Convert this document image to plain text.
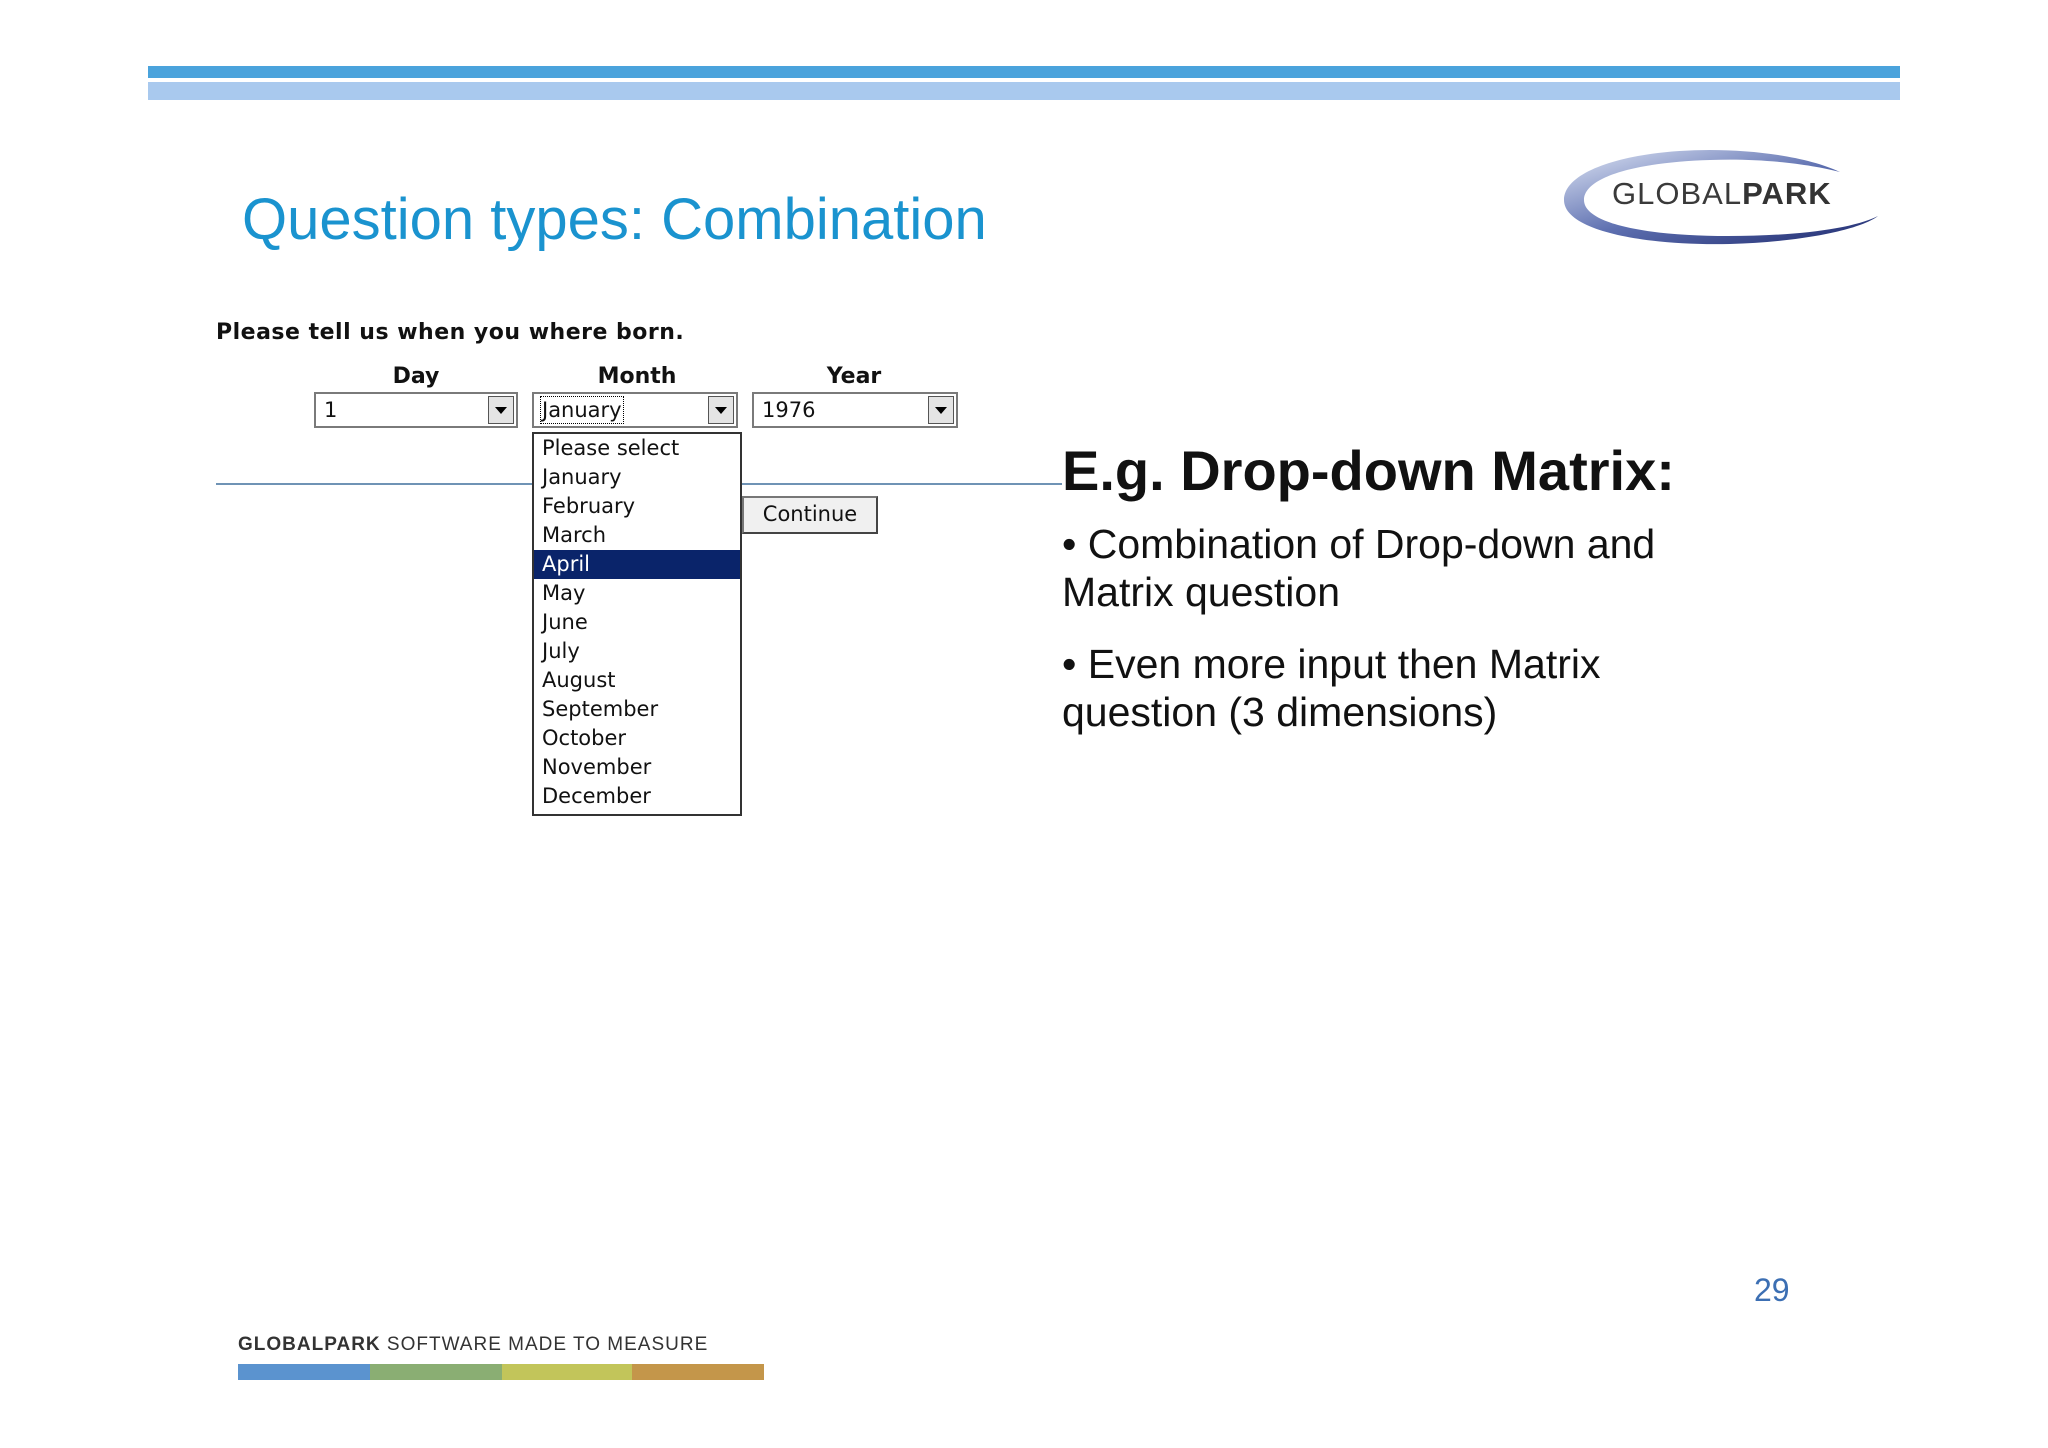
Question types: Combination	GLOBALPARK
Please tell us when you where born.
Day	Month	Year
1	January	1976
Please select
January
February
March
April
May
June
July
August
September
October
November
December
Continue
E.g. Drop-down Matrix:
• Combination of Drop-down and Matrix question
• Even more input then Matrix question (3 dimensions)
29
GLOBALPARK SOFTWARE MADE TO MEASURE
